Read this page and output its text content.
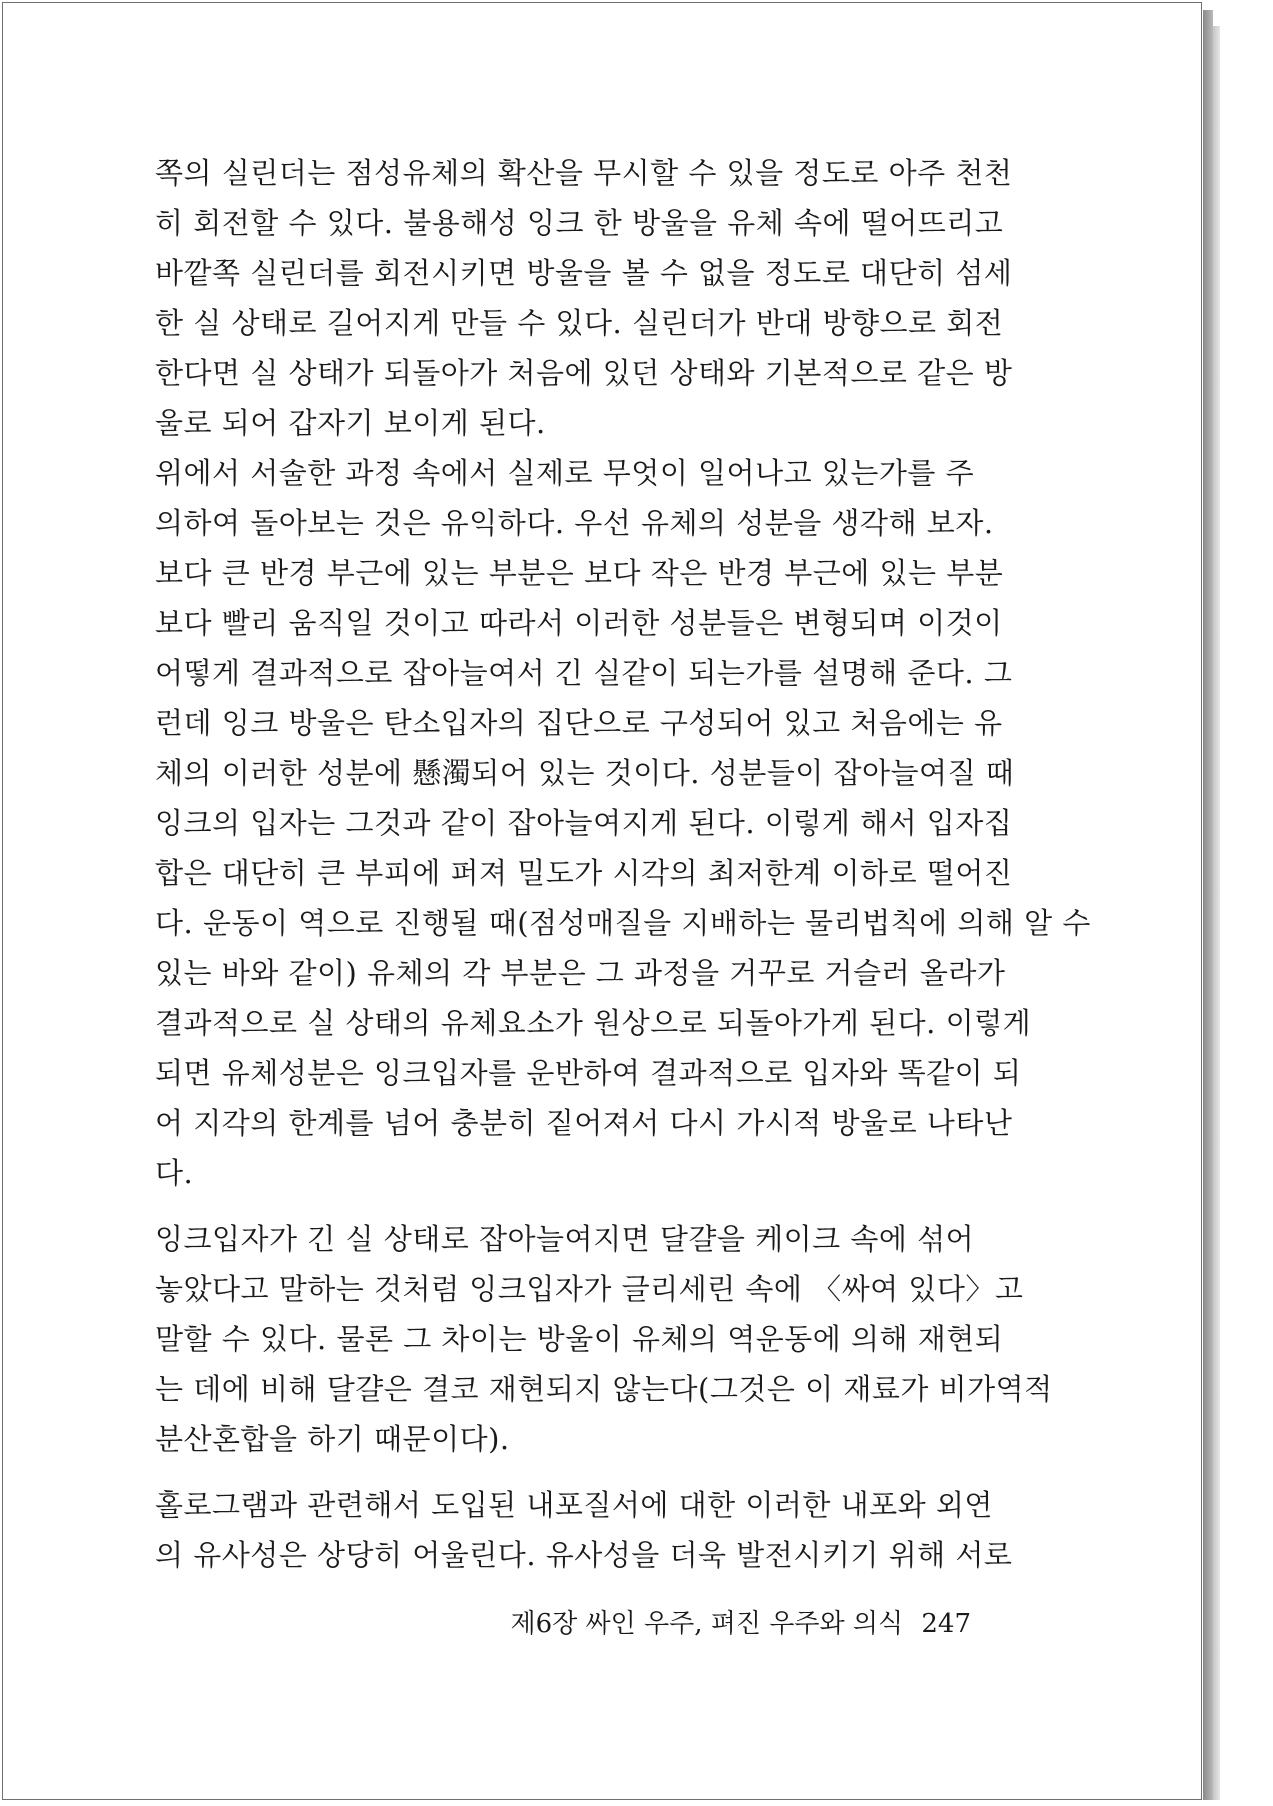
쪽의 실린더는 점성유체의 확산을 무시할 수 있을 정도로 아주 천천
히 회전할 수 있다. 불용해성 잉크 한 방울을 유체 속에 떨어뜨리고
바깥쪽 실린더를 회전시키면 방울을 볼 수 없을 정도로 대단히 섬세
한 실 상태로 길어지게 만들 수 있다. 실린더가 반대 방향으로 회전
한다면 실 상태가 되돌아가 처음에 있던 상태와 기본적으로 같은 방
울로 되어 갑자기 보이게 된다.
위에서 서술한 과정 속에서 실제로 무엇이 일어나고 있는가를 주
의하여 돌아보는 것은 유익하다. 우선 유체의 성분을 생각해 보자.
보다 큰 반경 부근에 있는 부분은 보다 작은 반경 부근에 있는 부분
보다 빨리 움직일 것이고 따라서 이러한 성분들은 변형되며 이것이
어떻게 결과적으로 잡아늘여서 긴 실같이 되는가를 설명해 준다. 그
런데 잉크 방울은 탄소입자의 집단으로 구성되어 있고 처음에는 유
체의 이러한 성분에 懸濁되어 있는 것이다. 성분들이 잡아늘여질 때
잉크의 입자는 그것과 같이 잡아늘여지게 된다. 이렇게 해서 입자집
합은 대단히 큰 부피에 퍼져 밀도가 시각의 최저한계 이하로 떨어진
다. 운동이 역으로 진행될 때(점성매질을 지배하는 물리법칙에 의해 알 수
있는 바와 같이) 유체의 각 부분은 그 과정을 거꾸로 거슬러 올라가
결과적으로 실 상태의 유체요소가 원상으로 되돌아가게 된다. 이렇게
되면 유체성분은 잉크입자를 운반하여 결과적으로 입자와 똑같이 되
어 지각의 한계를 넘어 충분히 짙어져서 다시 가시적 방울로 나타난
다.
잉크입자가 긴 실 상태로 잡아늘여지면 달걀을 케이크 속에 섞어
놓았다고 말하는 것처럼 잉크입자가 글리세린 속에 〈싸여 있다〉고
말할 수 있다. 물론 그 차이는 방울이 유체의 역운동에 의해 재현되
는 데에 비해 달걀은 결코 재현되지 않는다(그것은 이 재료가 비가역적
분산혼합을 하기 때문이다).
홀로그램과 관련해서 도입된 내포질서에 대한 이러한 내포와 외연
의 유사성은 상당히 어울린다. 유사성을 더욱 발전시키기 위해 서로
제6장 싸인 우주, 펴진 우주와 의식 247
